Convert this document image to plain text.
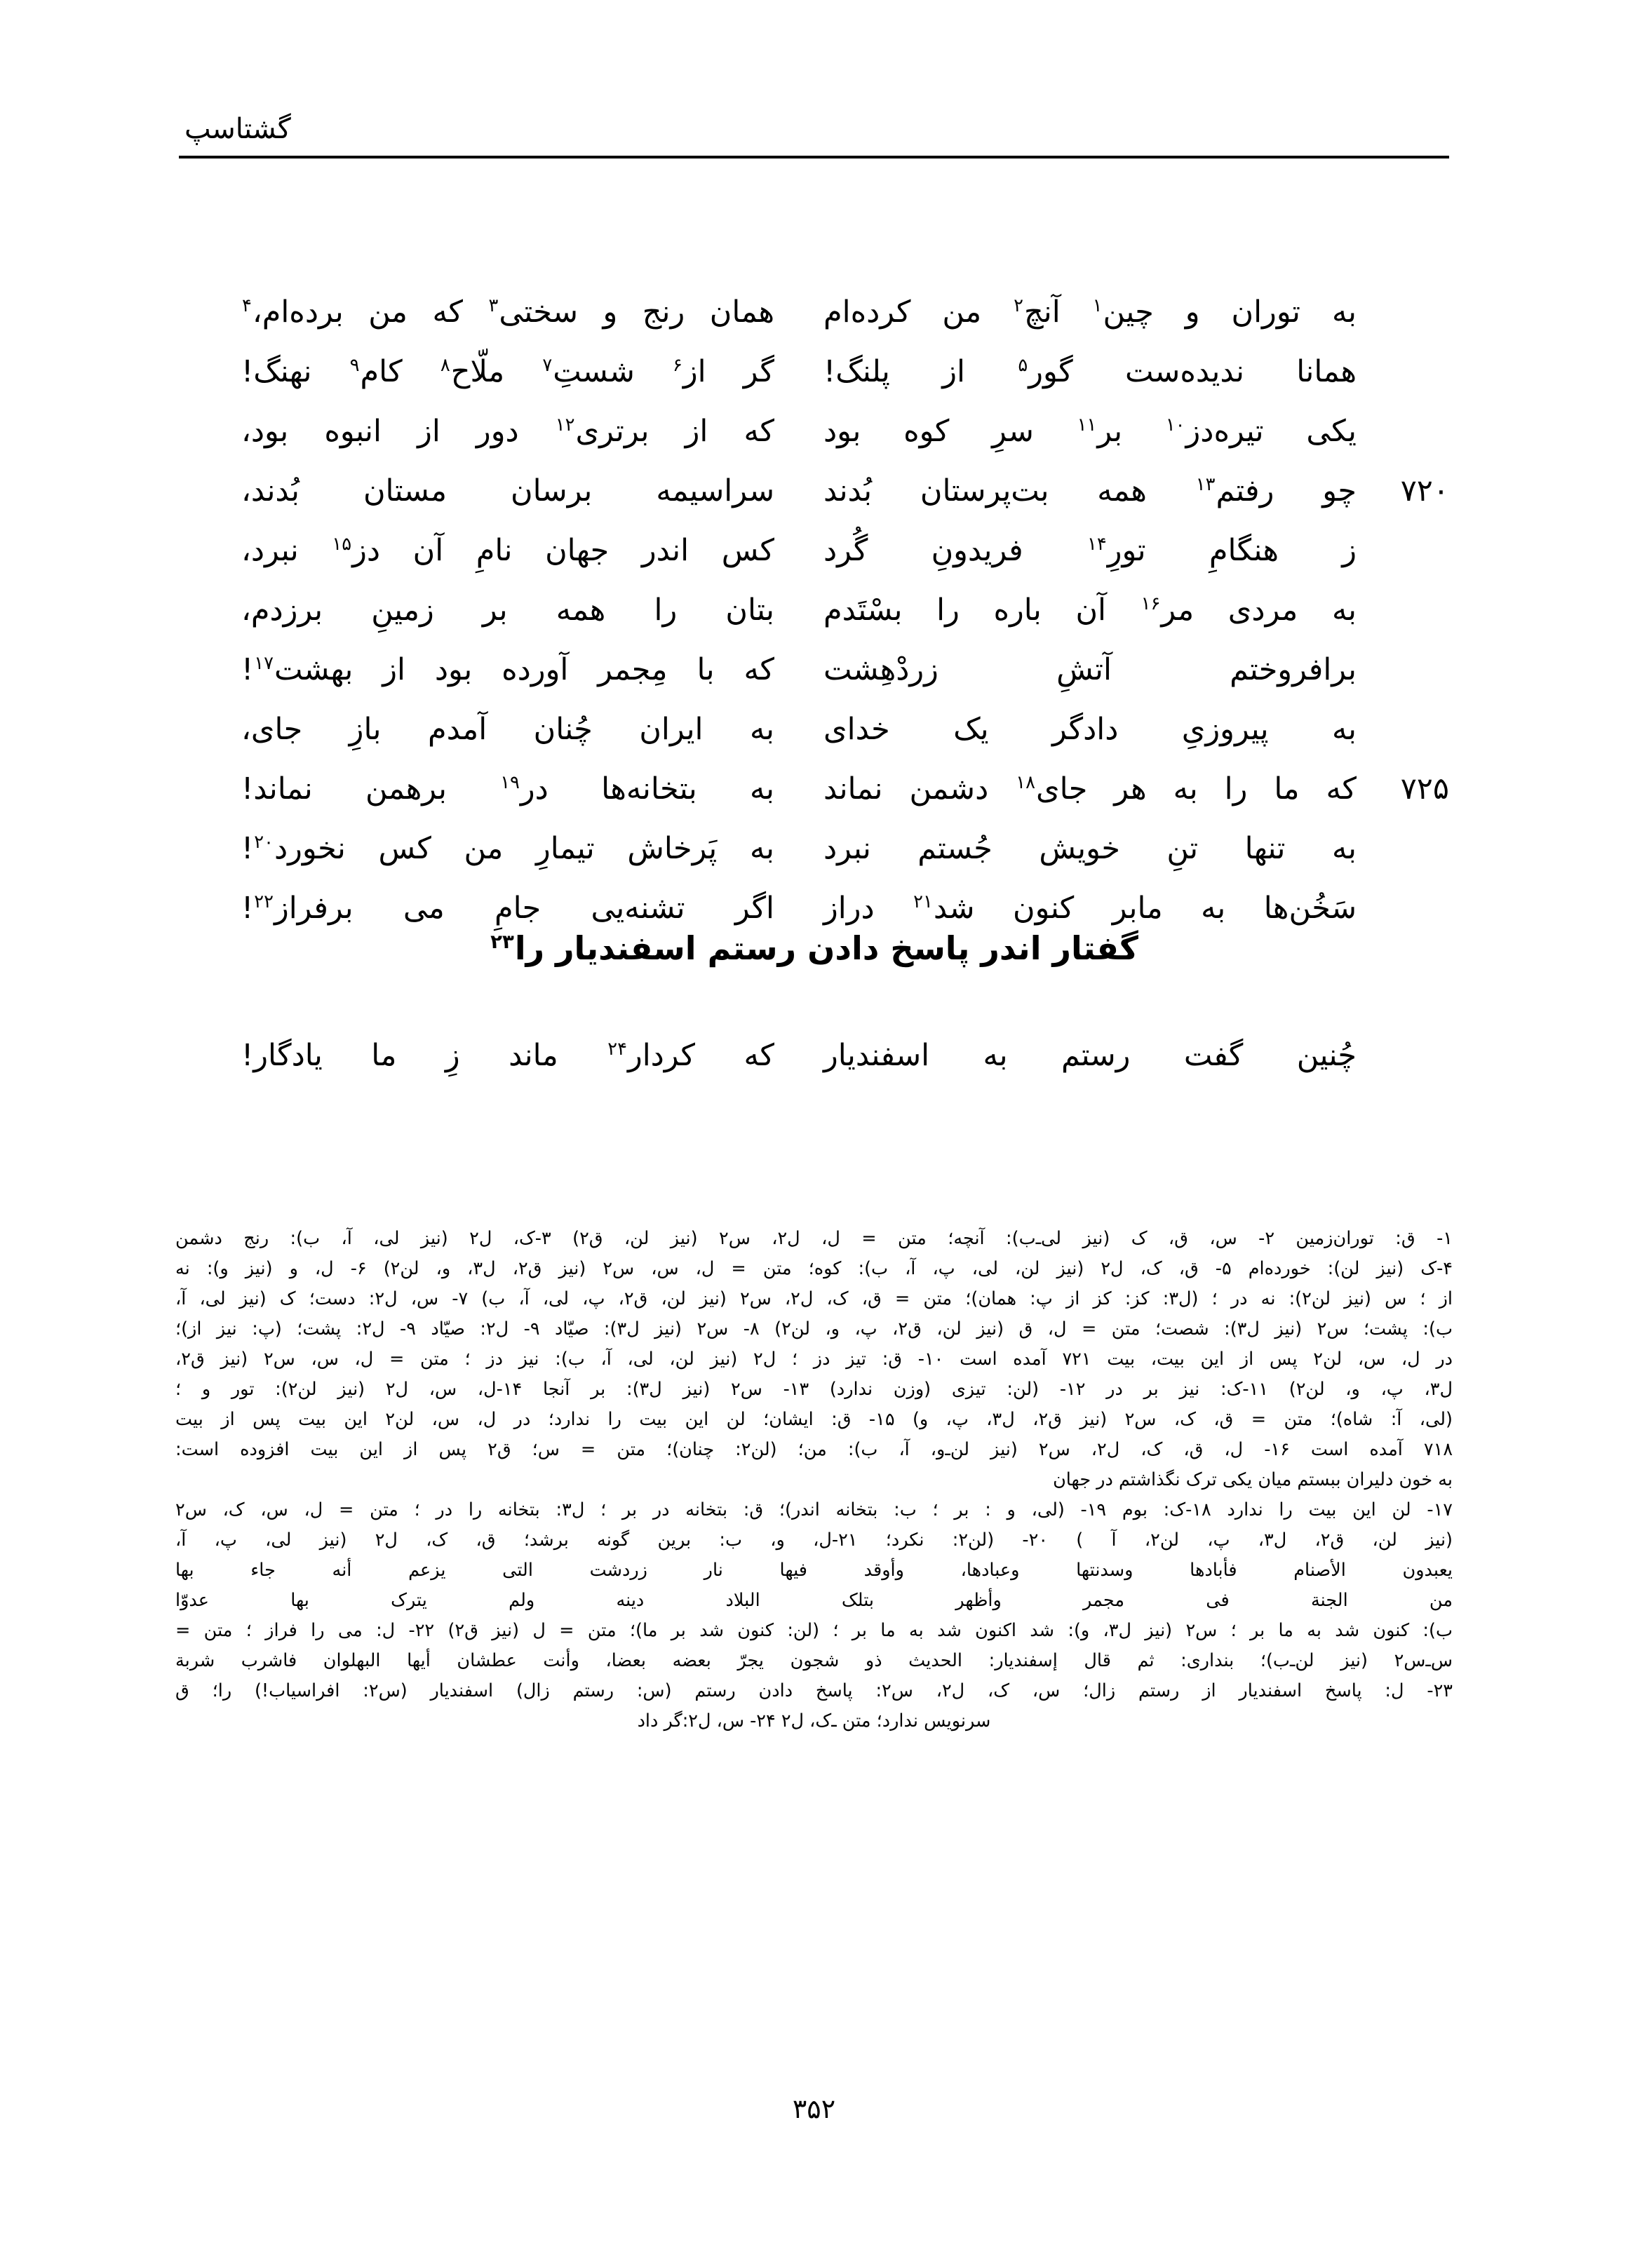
گشتاسپ
به توران و چین$^۱$ آنچ$^۲$ من کرده‌ام
همان رنج و سختی$^۳$ که من برده‌ام،$^۴$
همانا ندیده‌ست گور$^۵$ از پلنگ!
گر از$^۶$ شستِ$^۷$ ملّاح$^۸$ کام$^۹$ نهنگ!
یکی تیره‌دز$^{۱۰}$ بر$^{۱۱}$ سرِ کوه بود
که از برتری$^{۱۲}$ دور از انبوه بود،
۷۲۰
چو رفتم$^{۱۳}$ همه بت‌پرستان بُدند
سراسیمه برسان مستان بُدند،
ز هنگامِ تورِ$^{۱۴}$ فریدونِ گُرد
کس اندر جهان نامِ آن دز$^{۱۵}$ نبرد،
به مردی مر$^{۱۶}$ آن باره را بسْتَدم
بتان را همه بر زمینِ برزدم،
برافروختم آتشِ زردْهِشت
که با مِجمر آورده بود از بهشت$^{۱۷}$!
به پیروزیِ دادگر یک خدای
به ایران چُنان آمدم بازِ جای،
۷۲۵
که ما را به هر جای$^{۱۸}$ دشمن نماند
به بتخانه‌ها در$^{۱۹}$ برهمن نماند!
به تنها تنِ خویش جُستم نبرد
به پَرخاش تیمارِ من کس نخورد$^{۲۰}$!
سَخُن‌ها به مابر کنون شد$^{۲۱}$ دراز
اگر تشنه‌یی جامِ می برفراز$^{۲۲}$!
گفتار اندر پاسخ دادن رستم اسفندیار را$^{۲۳}$
چُنین گفت رستم به اسفندیار
که کردار$^{۲۴}$ ماند زِ ما یادگار!
۱- ق: توران‌زمین ۲- س، ق، ک (نیز لی‌ـ‌ب): آنچه؛ متن = ل، ل۲، س۲ (نیز لن، ق۲) ۳-ک، ل۲ (نیز لی، آ، ب): رنج دشمن
۴-ک (نیز لن): خورده‌ام ۵- ق، ک، ل۲ (نیز لن، لی، پ، آ، ب): کوه؛ متن = ل، س، س۲ (نیز ق۲، ل۳، و، لن۲) ۶- ل، و (نیز و): نه
از ؛ س (نیز لن۲): نه در ؛ (ل۳: کز: کز از پ: همان)؛ متن = ق، ک، ل۲، س۲ (نیز لن، ق۲، پ، لی، آ، ب) ۷- س، ل۲: دست؛ ک (نیز لی، آ،
ب): پشت؛ س۲ (نیز ل۳): شصت؛ متن = ل، ق (نیز لن، ق۲، پ، و، لن۲) ۸- س۲ (نیز ل۳): صیّاد ۹- ل۲: صیّاد ۹- ل۲: پشت؛ (پ: نیز از)؛
در ل، س، لن۲ پس از این بیت، بیت ۷۲۱ آمده است ۱۰- ق: تیز دز ؛ ل۲ (نیز لن، لی، آ، ب): نیز دز ؛ متن = ل، س، س۲ (نیز ق۲،
ل۳، پ، و، لن۲) ۱۱-ک: نیز بر در ۱۲- (لن: تیزی (وزن ندارد) ۱۳- س۲ (نیز ل۳): بر آنجا ۱۴-ل، س، ل۲ (نیز لن۲): تور و ؛
(لی، آ: شاه)؛ متن = ق، ک، س۲ (نیز ق۲، ل۳، پ، و) ۱۵- ق: ایشان؛ لن این بیت را ندارد؛ در ل، س، لن۲ این بیت پس از بیت
۷۱۸ آمده است ۱۶- ل، ق، ک، ل۲، س۲ (نیز لن‌ـ‌و، آ، ب): من؛ (لن۲: چنان)؛ متن = س؛ ق۲ پس از این بیت افزوده است:
به خون دلیران ببستم میان یکی ترک نگذاشتم در جهان
۱۷- لن این بیت را ندارد ۱۸-ک: بوم ۱۹- (لی، و : بر ؛ ب: بتخانه اندر)؛ ق: بتخانه در بر ؛ ل۳: بتخانه را در ؛ متن = ل، س، ک، س۲
(نیز لن، ق۲، ل۳، پ، لن۲، آ ) ۲۰- (لن۲: نکرد؛ ۲۱-ل، و، ب: برین گونه برشد؛ ق، ک، ل۲ (نیز لی، پ، آ،
یعبدون الأصنام فأبادها وسدنتها وعبادها، وأوقد فیها نار زردشت التی یزعم أنه جاء بها
من الجنة فی مجمر وأظهر بتلک البلاد دینه ولم یترک بها عدوّا
ب): کنون شد به ما بر ؛ س۲ (نیز ل۳، و): شد اکنون شد به ما بر ؛ (لن: کنون شد بر ما)؛ متن = ل (نیز ق۲) ۲۲- ل: می را فراز ؛ متن =
س‌ـ‌س۲ (نیز لن‌ـ‌ب)؛ بنداری: ثم قال إسفندیار: الحدیث ذو شجون یجرّ بعضه بعضا، وأنت عطشان أیها البهلوان فاشرب شربة
۲۳- ل: پاسخ اسفندیار از رستم زال؛ س، ک، ل۲، س۲: پاسخ دادن رستم (س: رستم زال) اسفندیار (س۲: افراسیاب!) را؛ ق
سرنویس ندارد؛ متن ـ‌ک، ل۲ ۲۴- س، ل۲:گر داد
۳۵۲
